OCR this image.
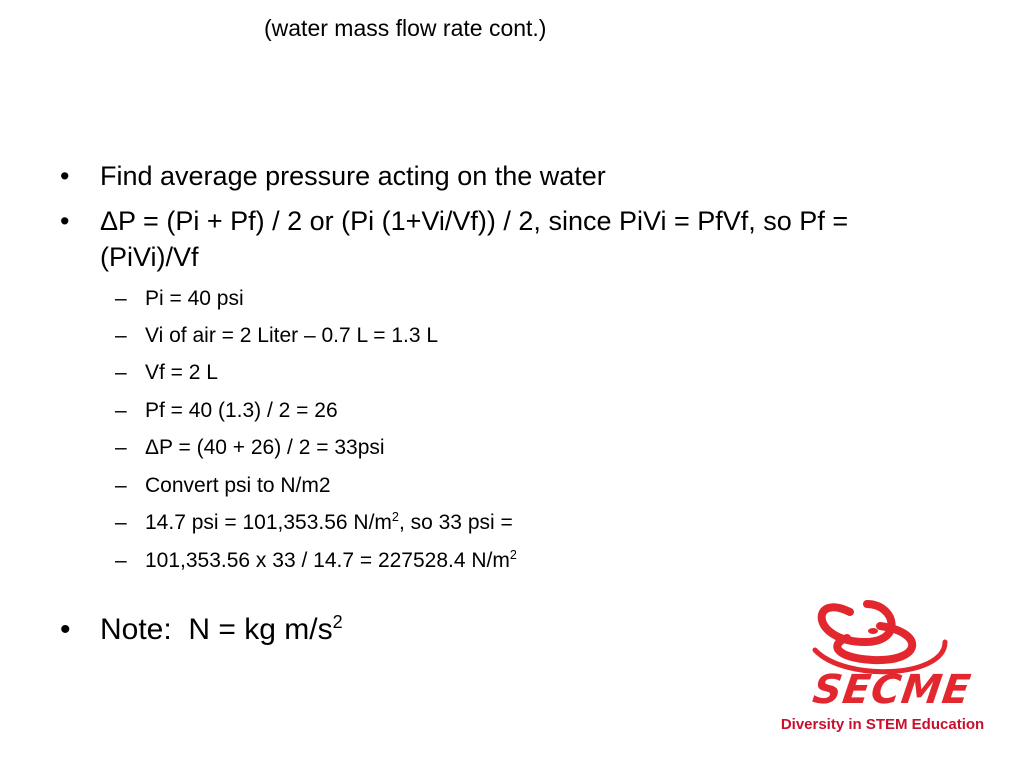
(water mass flow rate cont.)
• Find average pressure acting on the water
• ΔP = (Pi + Pf) / 2 or (Pi (1+Vi/Vf)) / 2, since PiVi = PfVf, so Pf =
(PiVi)/Vf
– Pi = 40 psi
– Vi of air = 2 Liter – 0.7 L = 1.3 L
– Vf = 2 L
– Pf = 40 (1.3) / 2 = 26
– ΔP = (40 + 26) / 2 = 33psi
– Convert psi to N/m2
– 14.7 psi = 101,353.56 $N/m^2$, so 33 psi =
– 101,353.56 x 33 / 14.7 = 227528.4 $N/m^2$
• Note:  N = kg $m/s^2$
SECME
Diversity in STEM Education
